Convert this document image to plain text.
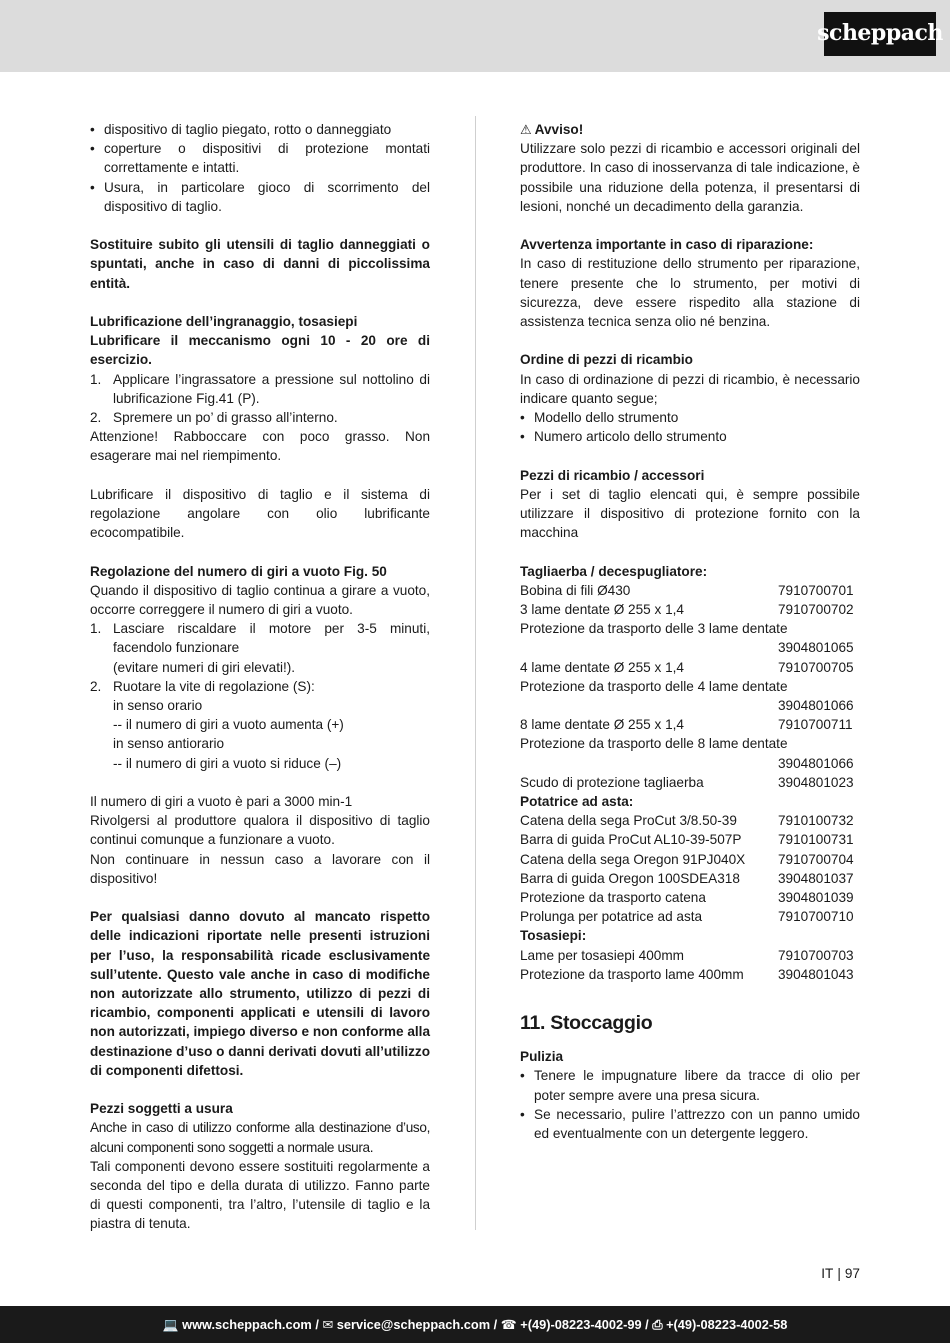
scheppach
• dispositivo di taglio piegato, rotto o danneggiato
• coperture o dispositivi di protezione montati correttamente e intatti.
• Usura, in particolare gioco di scorrimento del dispositivo di taglio.

Sostituire subito gli utensili di taglio danneggiati o spuntati, anche in caso di danni di piccolissima entità.

Lubrificazione dell’ingranaggio, tosasiepi

Lubrificare il meccanismo ogni 10 - 20 ore di esercizio.

1. Applicare l’ingrassatore a pressione sul nottolino di lubrificazione Fig.41 (P).
2. Spremere un po’ di grasso all’interno.

Attenzione! Rabboccare con poco grasso. Non esagerare mai nel riempimento.

Lubrificare il dispositivo di taglio e il sistema di regolazione angolare con olio lubrificante ecocompatibile.

Regolazione del numero di giri a vuoto Fig. 50

Quando il dispositivo di taglio continua a girare a vuoto, occorre correggere il numero di giri a vuoto.

1. Lasciare riscaldare il motore per 3-5 minuti, facendolo funzionare

(evitare numeri di giri elevati!).

2. Ruotare la vite di regolazione (S):

in senso orario

-- il numero di giri a vuoto aumenta (+)

in senso antiorario

-- il numero di giri a vuoto si riduce (–)

Il numero di giri a vuoto è pari a 3000 min-1

Rivolgersi al produttore qualora il dispositivo di taglio continui comunque a funzionare a vuoto.

Non continuare in nessun caso a lavorare con il dispositivo!

Per qualsiasi danno dovuto al mancato rispetto delle indicazioni riportate nelle presenti istruzioni per l’uso, la responsabilità ricade esclusivamente sull’utente. Questo vale anche in caso di modifiche non autorizzate allo strumento, utilizzo di pezzi di ricambio, componenti applicati e utensili di lavoro non autorizzati, impiego diverso e non conforme alla destinazione d’uso o danni derivati dovuti all’utilizzo di componenti difettosi.

Pezzi soggetti a usura

Anche in caso di utilizzo conforme alla destinazione d’uso, alcuni componenti sono soggetti a normale usura.

Tali componenti devono essere sostituiti regolarmente a seconda del tipo e della durata di utilizzo. Fanno parte di questi componenti, tra l’altro, l’utensile di taglio e la piastra di tenuta.

⚠ Avviso!

Utilizzare solo pezzi di ricambio e accessori originali del produttore. In caso di inosservanza di tale indicazione, è possibile una riduzione della potenza, il presentarsi di lesioni, nonché un decadimento della garanzia.

Avvertenza importante in caso di riparazione:

In caso di restituzione dello strumento per riparazione, tenere presente che lo strumento, per motivi di sicurezza, deve essere rispedito alla stazione di assistenza tecnica senza olio né benzina.

Ordine di pezzi di ricambio

In caso di ordinazione di pezzi di ricambio, è necessario indicare quanto segue;

• Modello dello strumento
• Numero articolo dello strumento

Pezzi di ricambio / accessori

Per i set di taglio elencati qui, è sempre possibile utilizzare il dispositivo di protezione fornito con la macchina

Tagliaerba / decespugliatore:

Bobina di fili Ø430	7910700701
3 lame dentate Ø 255 x 1,4	7910700702
Protezione da trasporto delle 3 lame dentate
3904801065
4 lame dentate Ø 255 x 1,4	7910700705
Protezione da trasporto delle 4 lame dentate
3904801066
8 lame dentate Ø 255 x 1,4	7910700711
Protezione da trasporto delle 8 lame dentate
3904801066
Scudo di protezione tagliaerba	3904801023

Potatrice ad asta:

Catena della sega ProCut 3/8.50-39	7910100732
Barra di guida ProCut AL10-39-507P	7910100731
Catena della sega Oregon 91PJ040X 7910700704
Barra di guida Oregon 100SDEA318	3904801037
Protezione da trasporto catena	3904801039
Prolunga per potatrice ad asta	7910700710

Tosasiepi:

Lame per tosasiepi 400mm	7910700703
Protezione da trasporto lame 400mm	3904801043
11. Stoccaggio

Pulizia

• Tenere le impugnature libere da tracce di olio per poter sempre avere una presa sicura.
• Se necessario, pulire l’attrezzo con un panno umido ed eventualmente con un detergente leggero.
IT | 97
💻 www.scheppach.com
/
✉ service@scheppach.com
/
☎ +(49)-08223-4002-99
/
⎙ +(49)-08223-4002-58
